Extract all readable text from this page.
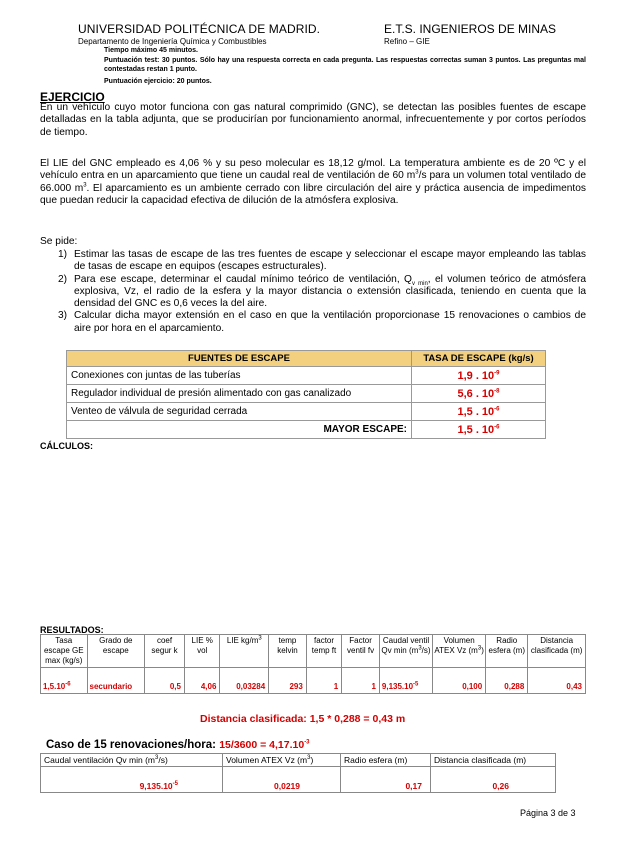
UNIVERSIDAD POLITÉCNICA DE MADRID.	E.T.S. INGENIEROS DE MINAS
Departamento de Ingeniería Química y Combustibles	Refino – GIE
Tiempo máximo 45 minutos.
Puntuación test: 30 puntos. Sólo hay una respuesta correcta en cada pregunta. Las respuestas correctas suman 3 puntos. Las preguntas mal contestadas restan 1 punto.
Puntuación ejercicio: 20 puntos.
EJERCICIO
En un vehículo cuyo motor funciona con gas natural comprimido (GNC), se detectan las posibles fuentes de escape detalladas en la tabla adjunta, que se producirían por funcionamiento anormal, infrecuentemente y por cortos períodos de tiempo.
El LIE del GNC empleado es 4,06 % y su peso molecular es 18,12 g/mol. La temperatura ambiente es de 20 ºC y el vehículo entra en un aparcamiento que tiene un caudal real de ventilación de 60 $m^3/s$ para un volumen total ventilado de 66.000 $m^3$. El aparcamiento es un ambiente cerrado con libre circulación del aire y práctica ausencia de impedimentos que puedan reducir la capacidad efectiva de dilución de la atmósfera explosiva.
Se pide:
1) Estimar las tasas de escape de las tres fuentes de escape y seleccionar el escape mayor empleando las tablas de tasas de escape en equipos (escapes estructurales).
2) Para ese escape, determinar el caudal mínimo teórico de ventilación, $Q_{v min}$, el volumen teórico de atmósfera explosiva, Vz, el radio de la esfera y la mayor distancia o extensión clasificada, teniendo en cuenta que la densidad del GNC es 0,6 veces la del aire.
3) Calcular dicha mayor extensión en el caso en que la ventilación proporcionase 15 renovaciones o cambios de aire por hora en el aparcamiento.
FUENTES DE ESCAPE	TASA DE ESCAPE (kg/s)
Conexiones con juntas de las tuberías	1,9 . $10^{-9}$
Regulador individual de presión alimentado con gas canalizado	5,6 . $10^{-8}$
Venteo de válvula de seguridad cerrada	1,5 . $10^{-6}$
MAYOR ESCAPE:	1,5 . $10^{-6}$
CÁLCULOS:
RESULTADOS:
Tasa escape GE max (kg/s)	Grado de escape	coef segur k	LIE % vol	LIE $kg/m^3$	temp kelvin	factor temp ft	Factor ventil fv	Caudal ventil Qv $\min (m^3/s)$	Volumen ATEX Vz $(m^3)$	Radio esfera (m)	Distancia clasificada (m)
$1,5.10^{-6}$	secundario	0,5	4,06	0,03284	293	1	1	$9,135.10^{-5}$	0,100	0,288	0,43
Distancia clasificada: 1,5 * 0,288 = 0,43 m
Caso de 15 renovaciones/hora: $15/3600 = 4,17.10^{-3}$
Caudal ventilación Qv $\min (m^3/s)$	Volumen ATEX Vz $(m^3)$	Radio esfera (m)	Distancia clasificada (m)
$9,135.10^{-5}$	0,0219	0,17	0,26
Página 3 de 3
